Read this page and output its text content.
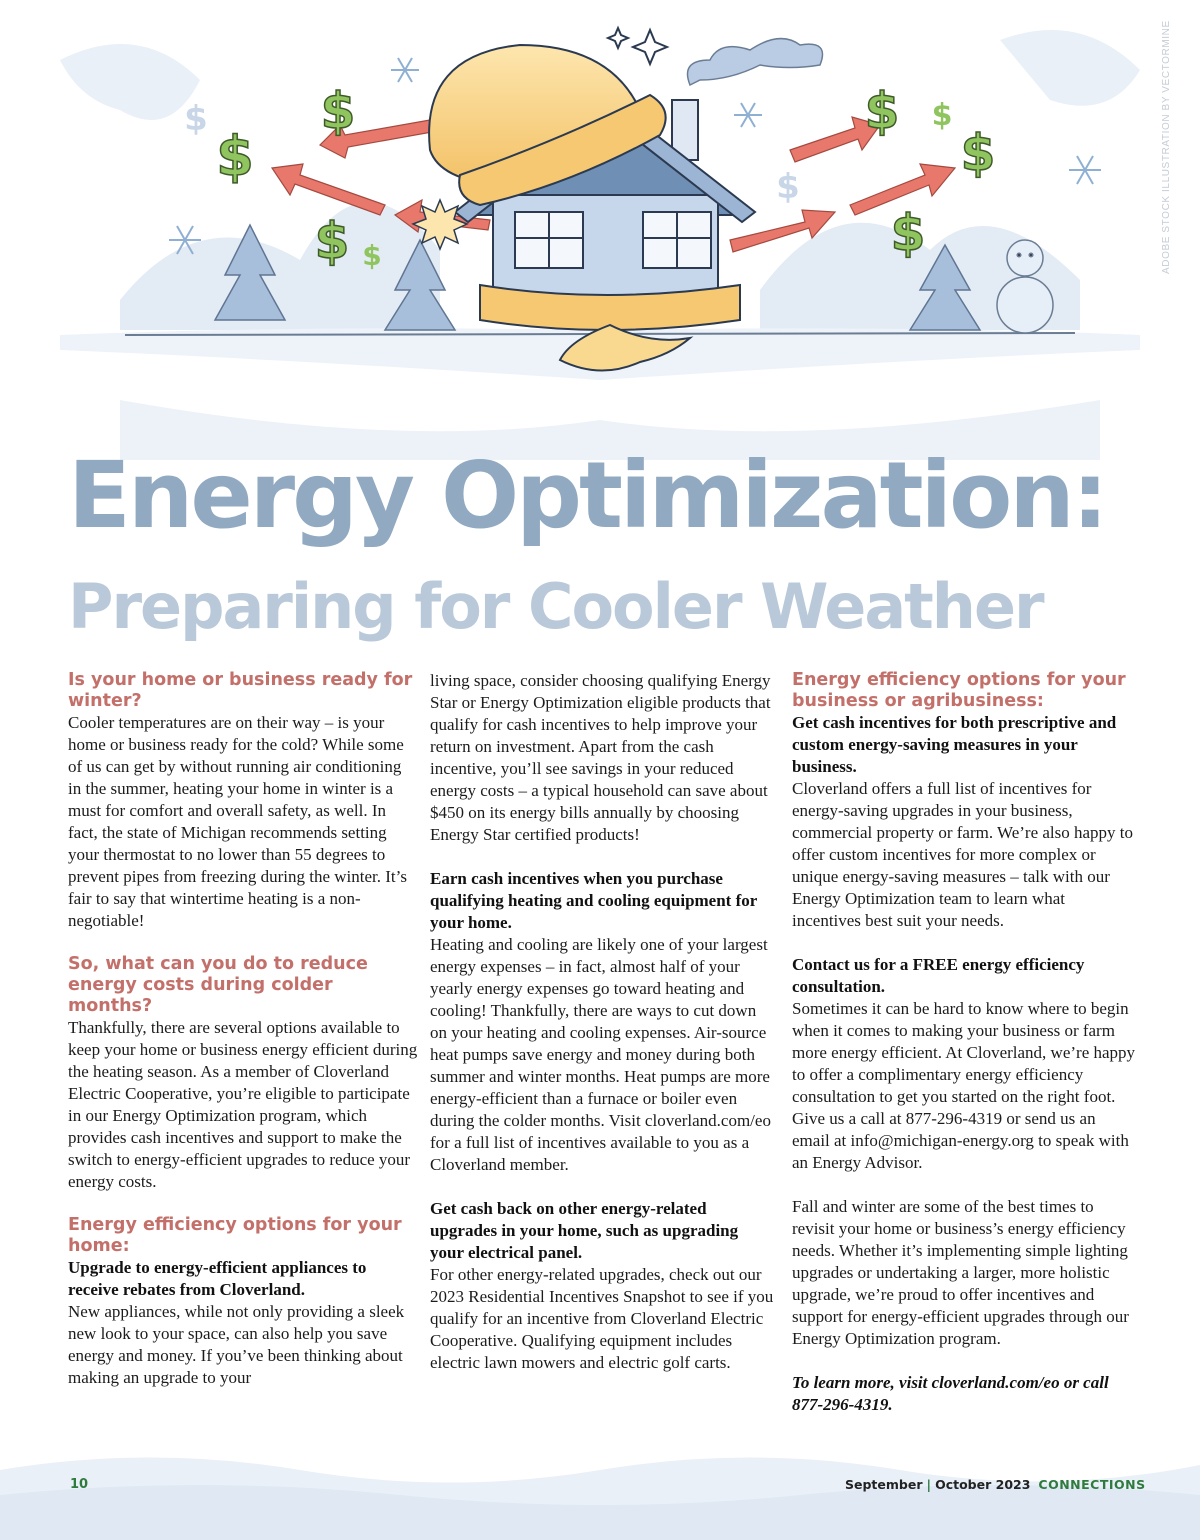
$
$
$
$
$
$
$
$
$
$	ADOBE STOCK ILLUSTRATION BY VECTORMINE
Energy Optimization:
Preparing for Cooler Weather

Is your home or business ready for winter?

Cooler temperatures are on their way – is your home or business ready for the cold? While some of us can get by without running air conditioning in the summer, heating your home in winter is a must for comfort and overall safety, as well. In fact, the state of Michigan recommends setting your thermostat to no lower than 55 degrees to prevent pipes from freezing during the winter. It’s fair to say that wintertime heating is a non-negotiable!

So, what can you do to reduce energy costs during colder months?

Thankfully, there are several options available to keep your home or business energy efficient during the heating season. As a member of Cloverland Electric Cooperative, you’re eligible to participate in our Energy Optimization program, which provides cash incentives and support to make the switch to energy-efficient upgrades to reduce your energy costs.

Energy efficiency options for your home:

Upgrade to energy-efficient appliances to receive rebates from Cloverland.

New appliances, while not only providing a sleek new look to your space, can also help you save energy and money. If you’ve been thinking about making an upgrade to your

living space, consider choosing qualifying Energy Star or Energy Optimization eligible products that qualify for cash incentives to help improve your return on investment. Apart from the cash incentive, you’ll see savings in your reduced energy costs – a typical household can save about $450 on its energy bills annually by choosing Energy Star certified products!

Earn cash incentives when you purchase qualifying heating and cooling equipment for your home.

Heating and cooling are likely one of your largest energy expenses – in fact, almost half of your yearly energy expenses go toward heating and cooling! Thankfully, there are ways to cut down on your heating and cooling expenses. Air-source heat pumps save energy and money during both summer and winter months. Heat pumps are more energy-efficient than a furnace or boiler even during the colder months. Visit cloverland.com/eo for a full list of incentives available to you as a Cloverland member.

Get cash back on other energy-related upgrades in your home, such as upgrading your electrical panel.

For other energy-related upgrades, check out our 2023 Residential Incentives Snapshot to see if you qualify for an incentive from Cloverland Electric Cooperative. Qualifying equipment includes electric lawn mowers and electric golf carts.

Energy efficiency options for your business or agribusiness:

Get cash incentives for both prescriptive and custom energy-saving measures in your business.

Cloverland offers a full list of incentives for energy-saving upgrades in your business, commercial property or farm. We’re also happy to offer custom incentives for more complex or unique energy-saving measures – talk with our Energy Optimization team to learn what incentives best suit your needs.

Contact us for a FREE energy efficiency consultation.

Sometimes it can be hard to know where to begin when it comes to making your business or farm more energy efficient. At Cloverland, we’re happy to offer a complimentary energy efficiency consultation to get you started on the right foot. Give us a call at 877-296-4319 or send us an email at info@michigan-energy.org to speak with an Energy Advisor.

Fall and winter are some of the best times to revisit your home or business’s energy efficiency needs. Whether it’s implementing simple lighting upgrades or undertaking a larger, more holistic upgrade, we’re proud to offer incentives and support for energy-efficient upgrades through our Energy Optimization program.

To learn more, visit cloverland.com/eo or call 877-296-4319.

10	September | October 2023 CONNECTIONS
